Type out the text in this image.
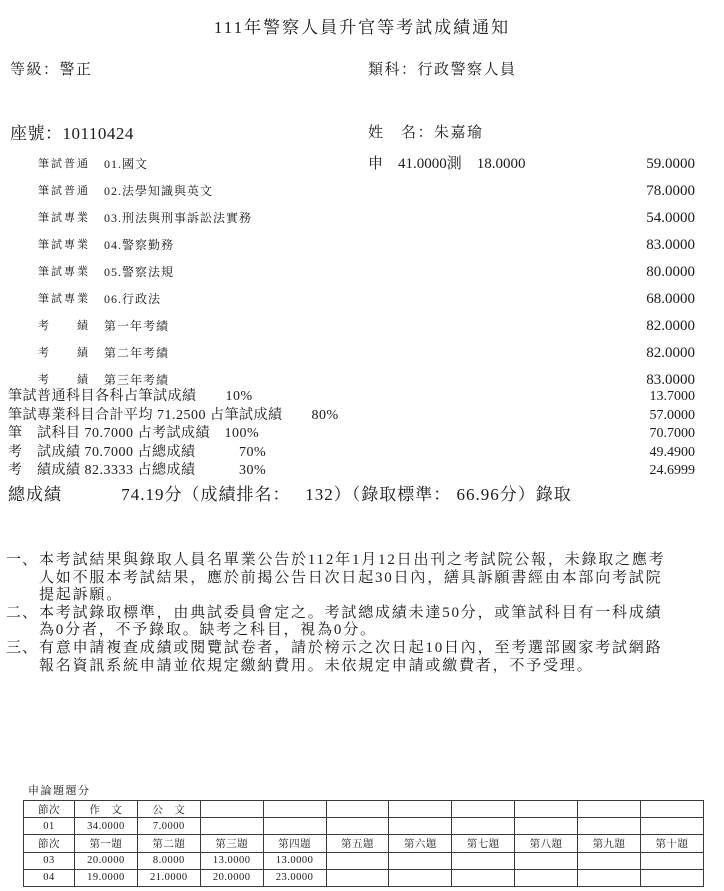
111年警察人員升官等考試成績通知
等級：警正	類科：行政警察人員
座號：10110424	姓　名：朱嘉瑜
筆試普通 01.國文	申　41.0000測　18.0000	59.0000
筆試普通 02.法學知識與英文	78.0000
筆試專業 03.刑法與刑事訴訟法實務	54.0000
筆試專業 04.警察勤務	83.0000
筆試專業 05.警察法規	80.0000
筆試專業 06.行政法	68.0000
考　　績 第一年考績	82.0000
考　　績 第二年考績	82.0000
考　　績 第三年考績	83.0000
筆試普通科目各科占筆試成績　　10%	13.7000
筆試專業科目合計平均 71.2500 占筆試成績　　80%	57.0000
筆　試科目 70.7000 占考試成績　100%	70.7000
考　試成績 70.7000 占總成績　　　70%	49.4900
考　績成績 82.3333 占總成績　　　30%	24.6999
總成績　　　 74.19分（成績排名：　 132）（錄取標準： 66.96分）錄取
一、 本考試結果與錄取人員名單業公告於112年1月12日出刊之考試院公報，未錄取之應考
人如不服本考試結果，應於前揭公告日次日起30日內，繕具訴願書經由本部向考試院
提起訴願。
二、 本考試錄取標準，由典試委員會定之。考試總成績未達50分，或筆試科目有一科成績
為0分者，不予錄取。缺考之科目，視為0分。
三、 有意申請複查成績或閱覽試卷者，請於榜示之次日起10日內，至考選部國家考試網路
報名資訊系統申請並依規定繳納費用。未依規定申請或繳費者，不予受理。
申論題題分
節次	作　文	公　文								
01	34.0000	7.0000								
節次	第一題	第二題	第三題	第四題	第五題	第六題	第七題	第八題	第九題	第十題
03	20.0000	8.0000	13.0000	13.0000						
04	19.0000	21.0000	20.0000	23.0000						
